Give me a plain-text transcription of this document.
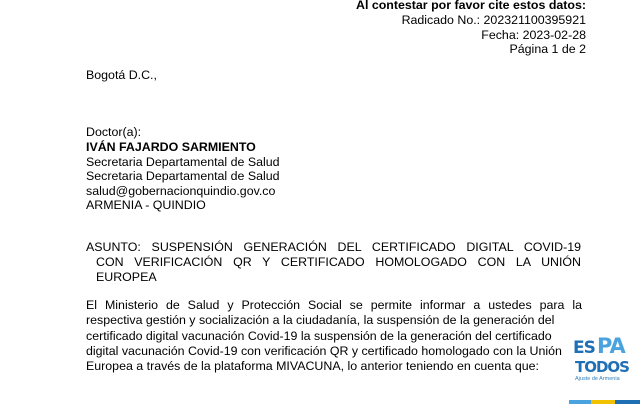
Al contestar por favor cite estos datos:
Radicado No.: 202321100395921
Fecha: 2023-02-28
Página 1 de 2
Bogotá D.C.,
Doctor(a):
IVÁN FAJARDO SARMIENTO
Secretaria Departamental de Salud
Secretaria Departamental de Salud
salud@gobernacionquindio.gov.co
ARMENIA - QUINDIO
ASUNTO: SUSPENSIÓN GENERACIÓN DEL CERTIFICADO DIGITAL COVID-19
CON VERIFICACIÓN QR Y CERTIFICADO HOMOLOGADO CON LA UNIÓN
EUROPEA
El Ministerio de Salud y Protección Social se permite informar a ustedes para la
respectiva gestión y socialización a la ciudadanía, la suspensión de la generación del
certificado digital vacunación Covid-19 la suspensión de la generación del certificado
digital vacunación Covid-19 con verificación QR y certificado homologado con la Unión
Europea a través de la plataforma MIVACUNA, lo anterior teniendo en cuenta que:
ES PA
TODOS
Ajuste de Armenia
